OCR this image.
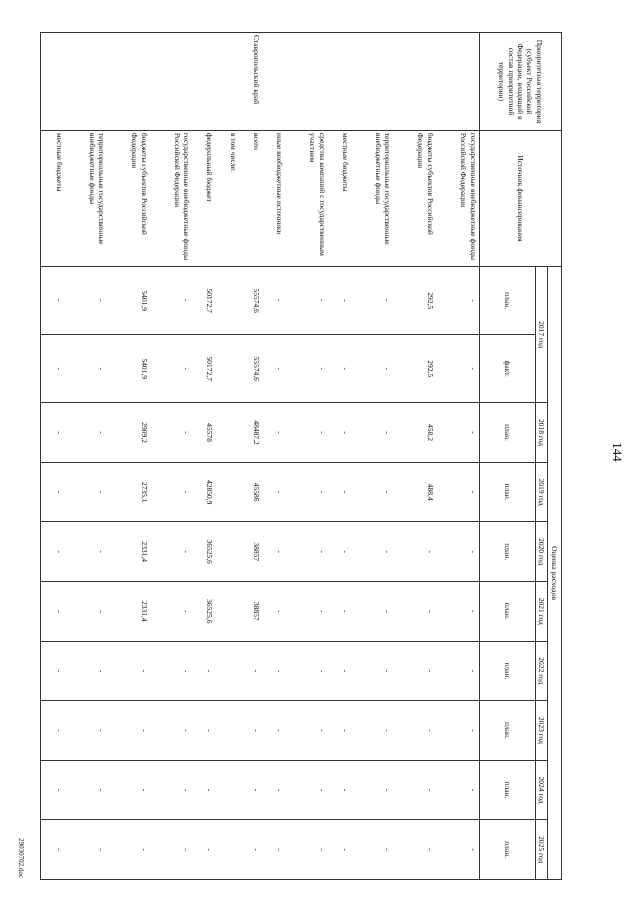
144
29030702.doc
Приоритетная территория (субъект Российской Федерации, входящий в состав приоритетной территории)	Источник финансирования	Оценка расходов									
		2017 год		2018 год	2019 год	2020 год	2021 год	2022 год	2023 год	2024 год	2025 год
		план.	факт.	план.	план.	план.	план.	план.	план.	план.	план.
	государственные внебюджетные фонды Российской Федерации	-	-	-	-	-	-	-	-	-	-
	бюджеты субъектов Российской Федерации	292,5	292,5	458,2	488,4	-	-	-	-	-	-
	территориальные государственные внебюджетные фонды	-	-	-	-	-	-	-	-	-	-
	местные бюджеты	-	-	-	-	-	-	-	-	-	-
	средства компаний с государственным участием	-	-	-	-	-	-	-	-	-	-
	иные внебюджетные источники	-	-	-	-	-	-	-	-	-	-
Ставропольский край	всего	55574,6	55574,6	48487,2	45586	38857	38857	-	-	-	-
	в том числе:										
	федеральный бюджет	50172,7	50172,7	45578	42850,9	36525,6	36525,6	-	-	-	-
	государственные внебюджетные фонды Российской Федерации	-	-	-	-	-	-	-	-	-	-
	бюджеты субъектов Российской Федерации	5401,9	5401,9	2909,2	2735,1	2331,4	2331,4	-	-	-	-
	территориальные государственные внебюджетные фонды	-	-	-	-	-	-	-	-	-	-
	местные бюджеты	-	-	-	-	-	-	-	-	-	-
